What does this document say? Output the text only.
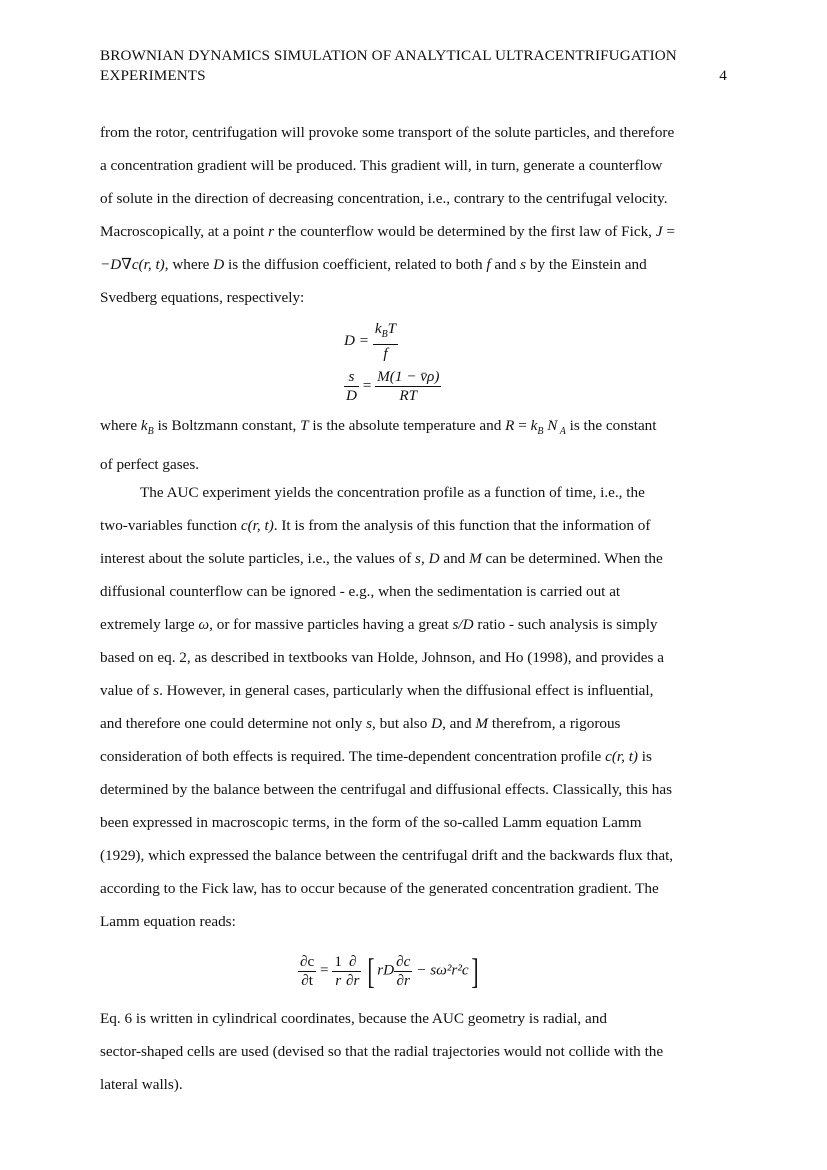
BROWNIAN DYNAMICS SIMULATION OF ANALYTICAL ULTRACENTRIFUGATION
EXPERIMENTS	4
from the rotor, centrifugation will provoke some transport of the solute particles, and therefore
a concentration gradient will be produced. This gradient will, in turn, generate a counterflow
of solute in the direction of decreasing concentration, i.e., contrary to the centrifugal velocity.
Macroscopically, at a point r the counterflow would be determined by the first law of Fick, J =
−D∇c(r, t), where D is the diffusion coefficient, related to both f and s by the Einstein and
Svedberg equations, respectively:
$D = \frac{k_BT}{f}$
$\frac{s}{D} = \frac{M(1 - v̄\rho)}{RT}$
where $k_B$ is Boltzmann constant, T is the absolute temperature and $R = k_B$ N $_A$ is the constant
of perfect gases.
The AUC experiment yields the concentration profile as a function of time, i.e., the
two-variables function c(r, t). It is from the analysis of this function that the information of
interest about the solute particles, i.e., the values of s, D and M can be determined. When the
diffusional counterflow can be ignored - e.g., when the sedimentation is carried out at
extremely large ω, or for massive particles having a great s/D ratio - such analysis is simply
based on eq. 2, as described in textbooks van Holde, Johnson, and Ho (1998), and provides a
value of s. However, in general cases, particularly when the diffusional effect is influential,
and therefore one could determine not only s, but also D, and M therefrom, a rigorous
consideration of both effects is required. The time-dependent concentration profile c(r, t) is
determined by the balance between the centrifugal and diffusional effects. Classically, this has
been expressed in macroscopic terms, in the form of the so-called Lamm equation Lamm
(1929), which expressed the balance between the centrifugal drift and the backwards flux that,
according to the Fick law, has to occur because of the generated concentration gradient. The
Lamm equation reads:
$\frac{\partial c}{\partial t} = \frac{1}{r} \frac{\partial}{\partial r}$ [ rD $\frac{\partial c}{\partial r} - s\omega^2r^2c$]
Eq. 6 is written in cylindrical coordinates, because the AUC geometry is radial, and
sector-shaped cells are used (devised so that the radial trajectories would not collide with the
lateral walls).
